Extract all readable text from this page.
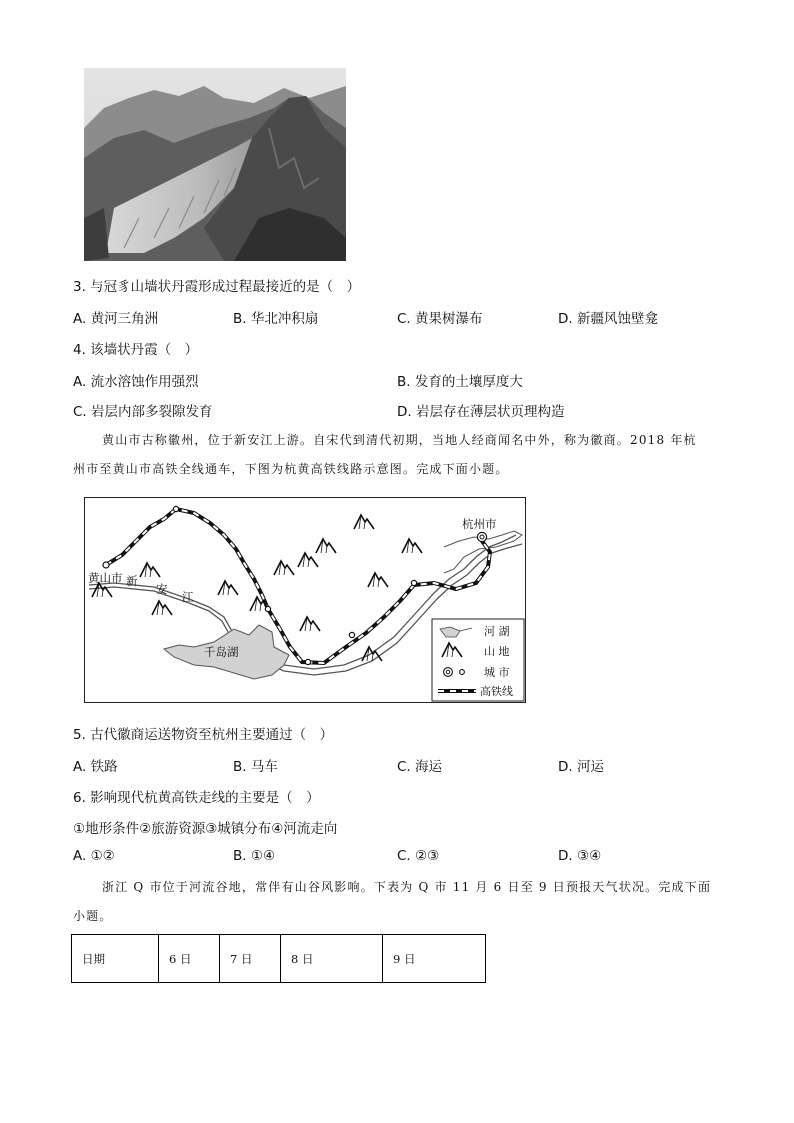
3. 与冠豸山墙状丹霞形成过程最接近的是（　）
A. 黄河三角洲	B. 华北冲积扇	C. 黄果树瀑布	D. 新疆风蚀壁龛
4. 该墙状丹霞（　）
A. 流水溶蚀作用强烈	B. 发育的土壤厚度大
C. 岩层内部多裂隙发育	D. 岩层存在薄层状页理构造
黄山市古称徽州，位于新安江上游。自宋代到清代初期，当地人经商闻名中外，称为徽商。2018 年杭
州市至黄山市高铁全线通车，下图为杭黄高铁线路示意图。完成下面小题。
黄山市
杭州市
新
安
江
千岛湖
河 湖
山 地
城 市
高铁线
5. 古代徽商运送物资至杭州主要通过（　）
A. 铁路	B. 马车	C. 海运	D. 河运
6. 影响现代杭黄高铁走线的主要是（　）
①地形条件②旅游资源③城镇分布④河流走向
A. ①②	B. ①④	C. ②③	D. ③④
浙江 Q 市位于河流谷地，常伴有山谷风影响。下表为 Q 市 11 月 6 日至 9 日预报天气状况。完成下面
小题。
日期	6 日	7 日	8 日	9 日
